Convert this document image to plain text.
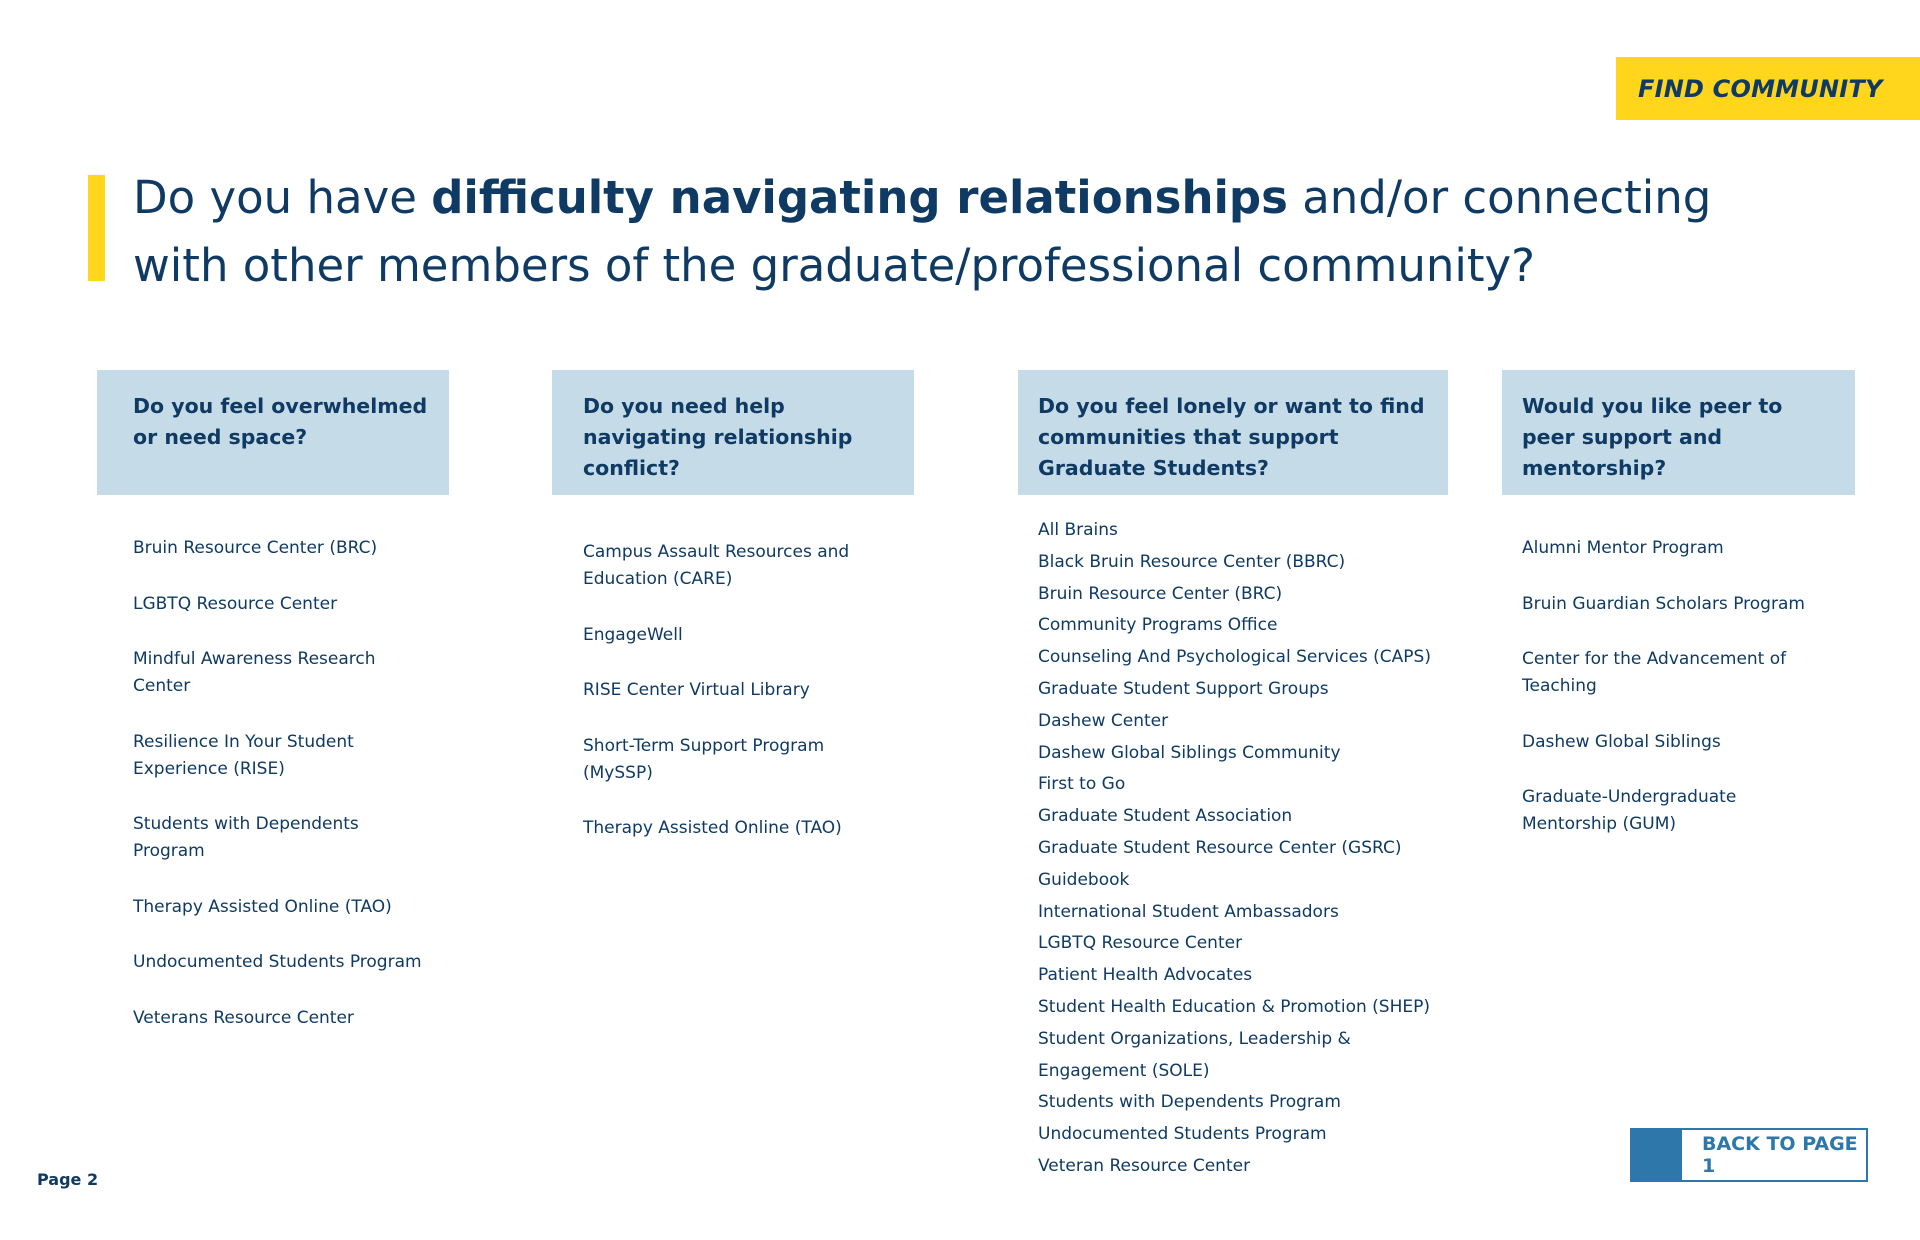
FIND COMMUNITY
Do you have difficulty navigating relationships and/or connecting with other members of the graduate/professional community?
Do you feel overwhelmed or need space?
Bruin Resource Center (BRC)
LGBTQ Resource Center
Mindful Awareness Research Center
Resilience In Your Student Experience (RISE)
Students with Dependents Program
Therapy Assisted Online (TAO)
Undocumented Students Program
Veterans Resource Center
Do you need help navigating relationship conflict?
Campus Assault Resources and Education (CARE)
EngageWell
RISE Center Virtual Library
Short-Term Support Program (MySSP)
Therapy Assisted Online (TAO)
Do you feel lonely or want to find communities that support Graduate Students?
All Brains
Black Bruin Resource Center (BBRC)
Bruin Resource Center (BRC)
Community Programs Office
Counseling And Psychological Services (CAPS)
Graduate Student Support Groups
Dashew Center
Dashew Global Siblings Community
First to Go
Graduate Student Association
Graduate Student Resource Center (GSRC)
Guidebook
International Student Ambassadors
LGBTQ Resource Center
Patient Health Advocates
Student Health Education & Promotion (SHEP)
Student Organizations, Leadership & Engagement (SOLE)
Students with Dependents Program
Undocumented Students Program
Veteran Resource Center
Would you like peer to peer support and mentorship?
Alumni Mentor Program
Bruin Guardian Scholars Program
Center for the Advancement of Teaching
Dashew Global Siblings
Graduate-Undergraduate Mentorship (GUM)
BACK TO PAGE 1
Page 2
